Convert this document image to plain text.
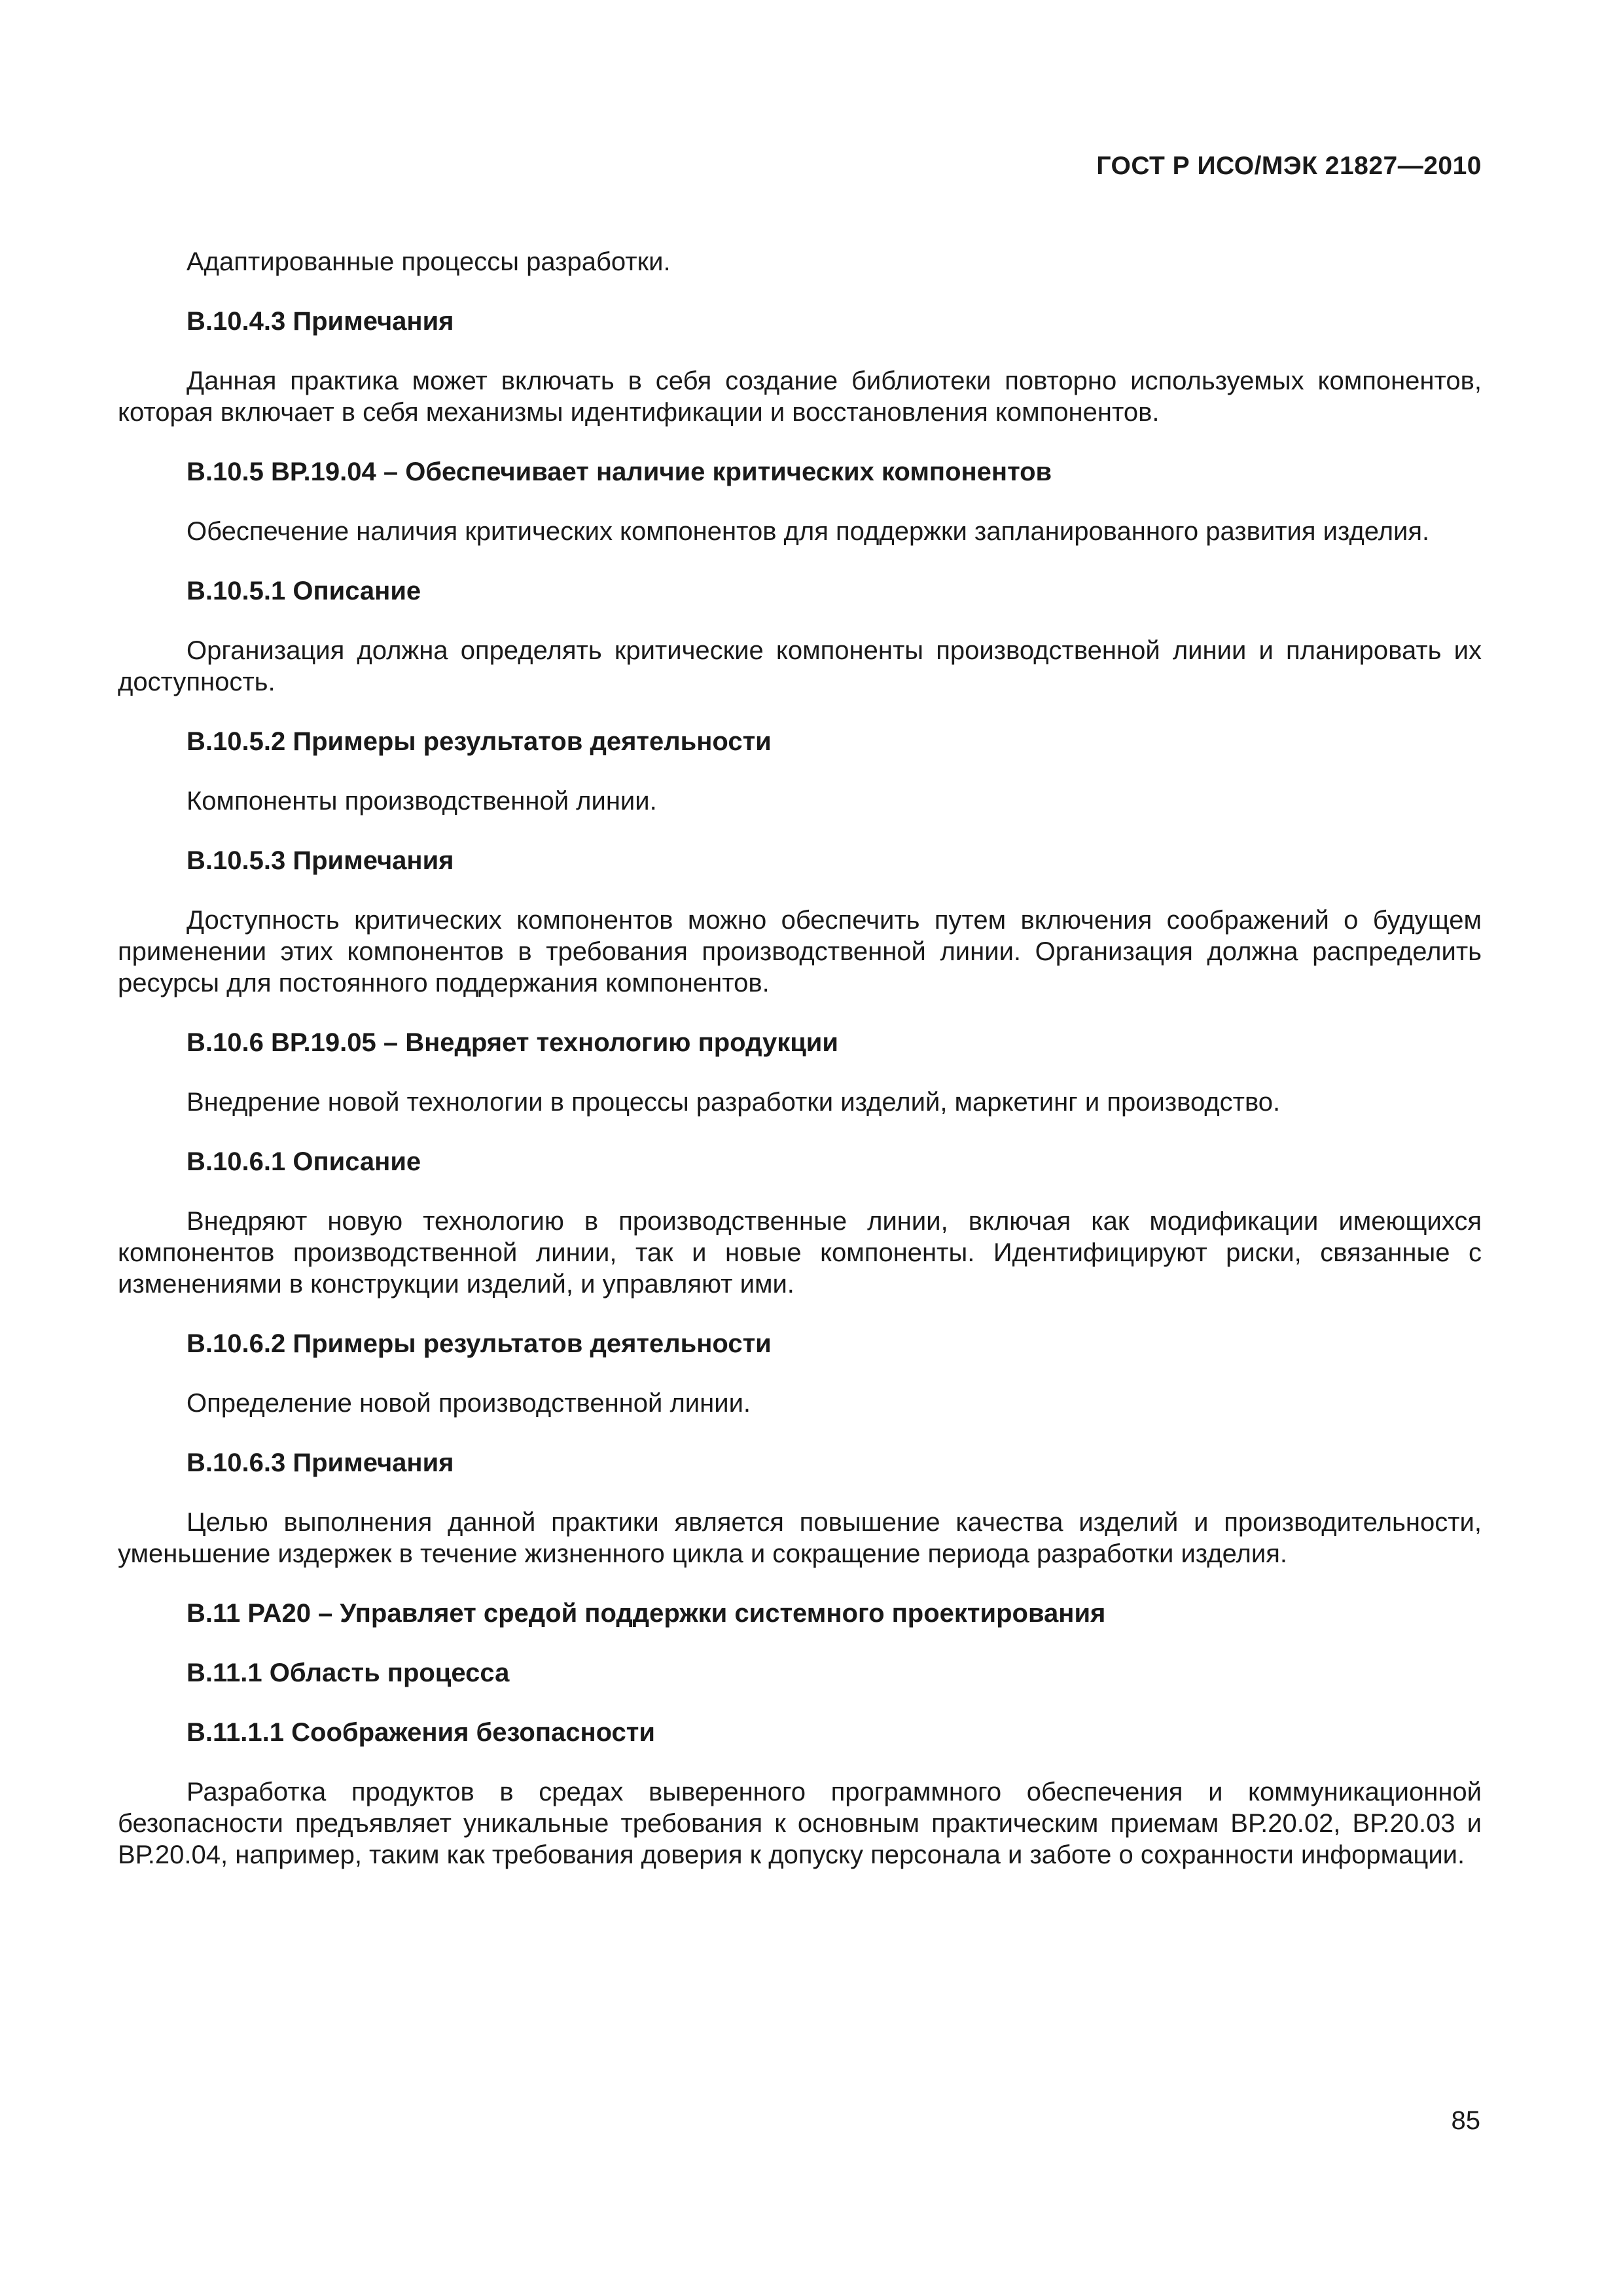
ГОСТ Р ИСО/МЭК 21827—2010
Адаптированные процессы разработки.
В.10.4.3 Примечания
Данная практика может включать в себя создание библиотеки повторно используемых компонентов, которая включает в себя механизмы идентификации и восстановления компонентов.
В.10.5 ВР.19.04 – Обеспечивает наличие критических компонентов
Обеспечение наличия критических компонентов для поддержки запланированного развития изделия.
В.10.5.1 Описание
Организация должна определять критические компоненты производственной линии и планировать их доступность.
В.10.5.2 Примеры результатов деятельности
Компоненты производственной линии.
В.10.5.3 Примечания
Доступность критических компонентов можно обеспечить путем включения соображений о будущем применении этих компонентов в требования производственной линии. Организация должна распределить ресурсы для постоянного поддержания компонентов.
В.10.6 ВР.19.05 – Внедряет технологию продукции
Внедрение новой технологии в процессы разработки изделий, маркетинг и производство.
В.10.6.1 Описание
Внедряют новую технологию в производственные линии, включая как модификации имеющихся компонентов производственной линии, так и новые компоненты. Идентифицируют риски, связанные с изменениями в конструкции изделий, и управляют ими.
В.10.6.2 Примеры результатов деятельности
Определение новой производственной линии.
В.10.6.3 Примечания
Целью выполнения данной практики является повышение качества изделий и производительности, уменьшение издержек в течение жизненного цикла и сокращение периода разработки изделия.
В.11 РА20 – Управляет средой поддержки системного проектирования
В.11.1 Область процесса
В.11.1.1 Соображения безопасности
Разработка продуктов в средах выверенного программного обеспечения и коммуникационной безопасности предъявляет уникальные требования к основным практическим приемам ВР.20.02, ВР.20.03 и ВР.20.04, например, таким как требования доверия к допуску персонала и заботе о сохранности информации.
85
